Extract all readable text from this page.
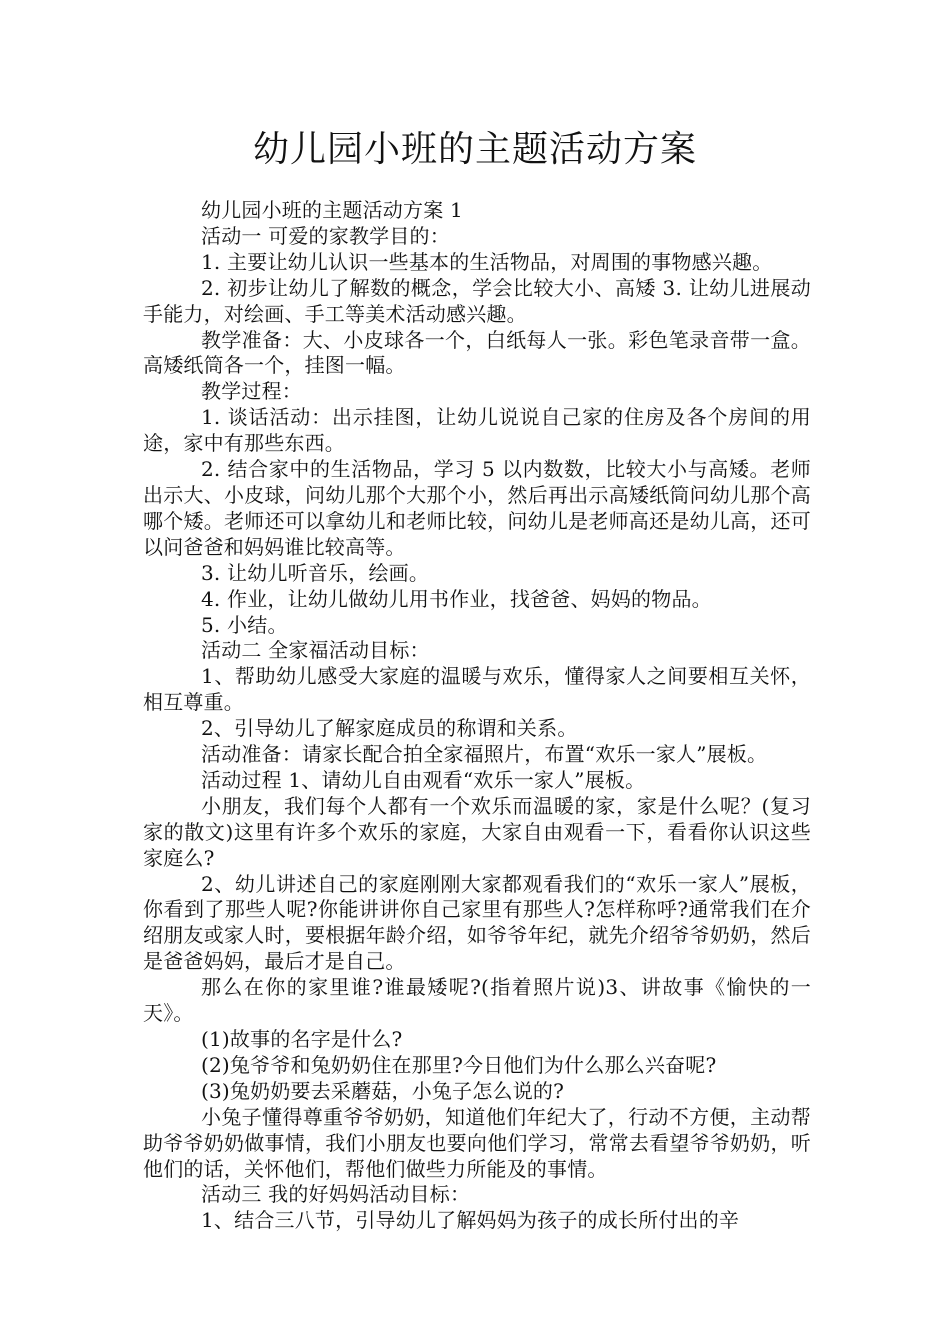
幼儿园小班的主题活动方案

幼儿园小班的主题活动方案 1

活动一 可爱的家教学目的：

1. 主要让幼儿认识一些基本的生活物品，对周围的事物感兴趣。

2. 初步让幼儿了解数的概念，学会比较大小、高矮 3. 让幼儿进展动手能力，对绘画、手工等美术活动感兴趣。

教学准备：大、小皮球各一个，白纸每人一张。彩色笔录音带一盒。高矮纸筒各一个，挂图一幅。

教学过程：

1. 谈话活动：出示挂图，让幼儿说说自己家的住房及各个房间的用途，家中有那些东西。

2. 结合家中的生活物品，学习 5 以内数数，比较大小与高矮。老师出示大、小皮球，问幼儿那个大那个小，然后再出示高矮纸筒问幼儿那个高哪个矮。老师还可以拿幼儿和老师比较，问幼儿是老师高还是幼儿高，还可以问爸爸和妈妈谁比较高等。

3. 让幼儿听音乐，绘画。

4. 作业，让幼儿做幼儿用书作业，找爸爸、妈妈的物品。

5. 小结。

活动二 全家福活动目标：

1、帮助幼儿感受大家庭的温暖与欢乐，懂得家人之间要相互关怀，相互尊重。

2、引导幼儿了解家庭成员的称谓和关系。

活动准备：请家长配合拍全家福照片，布置“欢乐一家人”展板。

活动过程 1、请幼儿自由观看“欢乐一家人”展板。

小朋友，我们每个人都有一个欢乐而温暖的家，家是什么呢？(复习家的散文)这里有许多个欢乐的家庭，大家自由观看一下，看看你认识这些家庭么?

2、幼儿讲述自己的家庭刚刚大家都观看我们的“欢乐一家人”展板，你看到了那些人呢?你能讲讲你自己家里有那些人?怎样称呼?通常我们在介绍朋友或家人时，要根据年龄介绍，如爷爷年纪，就先介绍爷爷奶奶，然后是爸爸妈妈，最后才是自己。

那么在你的家里谁?谁最矮呢?(指着照片说)3、讲故事《愉快的一天》。

(1)故事的名字是什么?

(2)兔爷爷和兔奶奶住在那里?今日他们为什么那么兴奋呢?

(3)兔奶奶要去采蘑菇，小兔子怎么说的?

小兔子懂得尊重爷爷奶奶，知道他们年纪大了，行动不方便，主动帮助爷爷奶奶做事情，我们小朋友也要向他们学习，常常去看望爷爷奶奶，听他们的话，关怀他们，帮他们做些力所能及的事情。

活动三 我的好妈妈活动目标：

1、结合三八节，引导幼儿了解妈妈为孩子的成长所付出的辛
